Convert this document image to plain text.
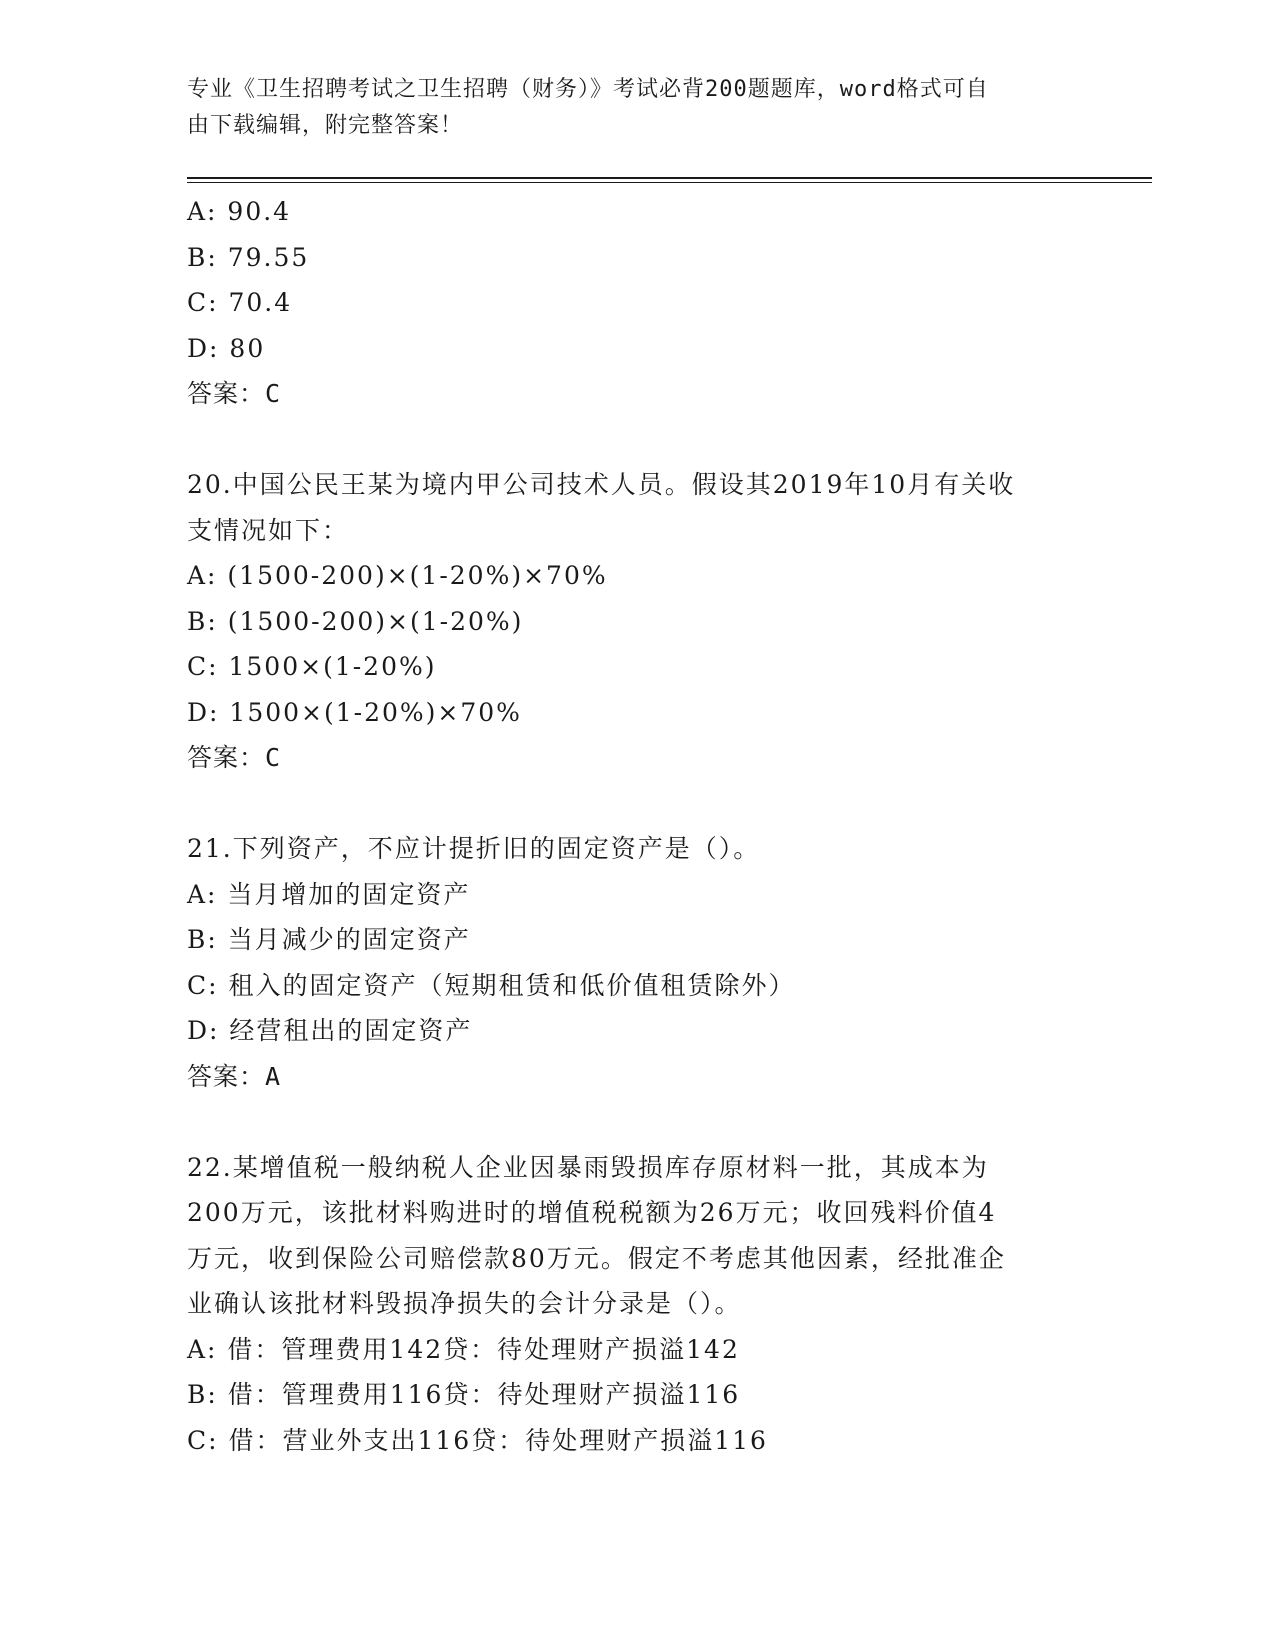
专业《卫生招聘考试之卫生招聘（财务）》考试必背200题题库，word格式可自
由下载编辑，附完整答案！
A: 90.4
B: 79.55
C: 70.4
D: 80
答案：C
20.中国公民王某为境内甲公司技术人员。假设其2019年10月有关收
支情况如下：
A: (1500-200)×(1-20%)×70%
B: (1500-200)×(1-20%)
C: 1500×(1-20%)
D: 1500×(1-20%)×70%
答案：C
21.下列资产，不应计提折旧的固定资产是（）。
A: 当月增加的固定资产
B: 当月减少的固定资产
C: 租入的固定资产（短期租赁和低价值租赁除外）
D: 经营租出的固定资产
答案：A
22.某增值税一般纳税人企业因暴雨毁损库存原材料一批，其成本为
200万元，该批材料购进时的增值税税额为26万元；收回残料价值4
万元，收到保险公司赔偿款80万元。假定不考虑其他因素，经批准企
业确认该批材料毁损净损失的会计分录是（）。
A: 借：管理费用142贷：待处理财产损溢142
B: 借：管理费用116贷：待处理财产损溢116
C: 借：营业外支出116贷：待处理财产损溢116
